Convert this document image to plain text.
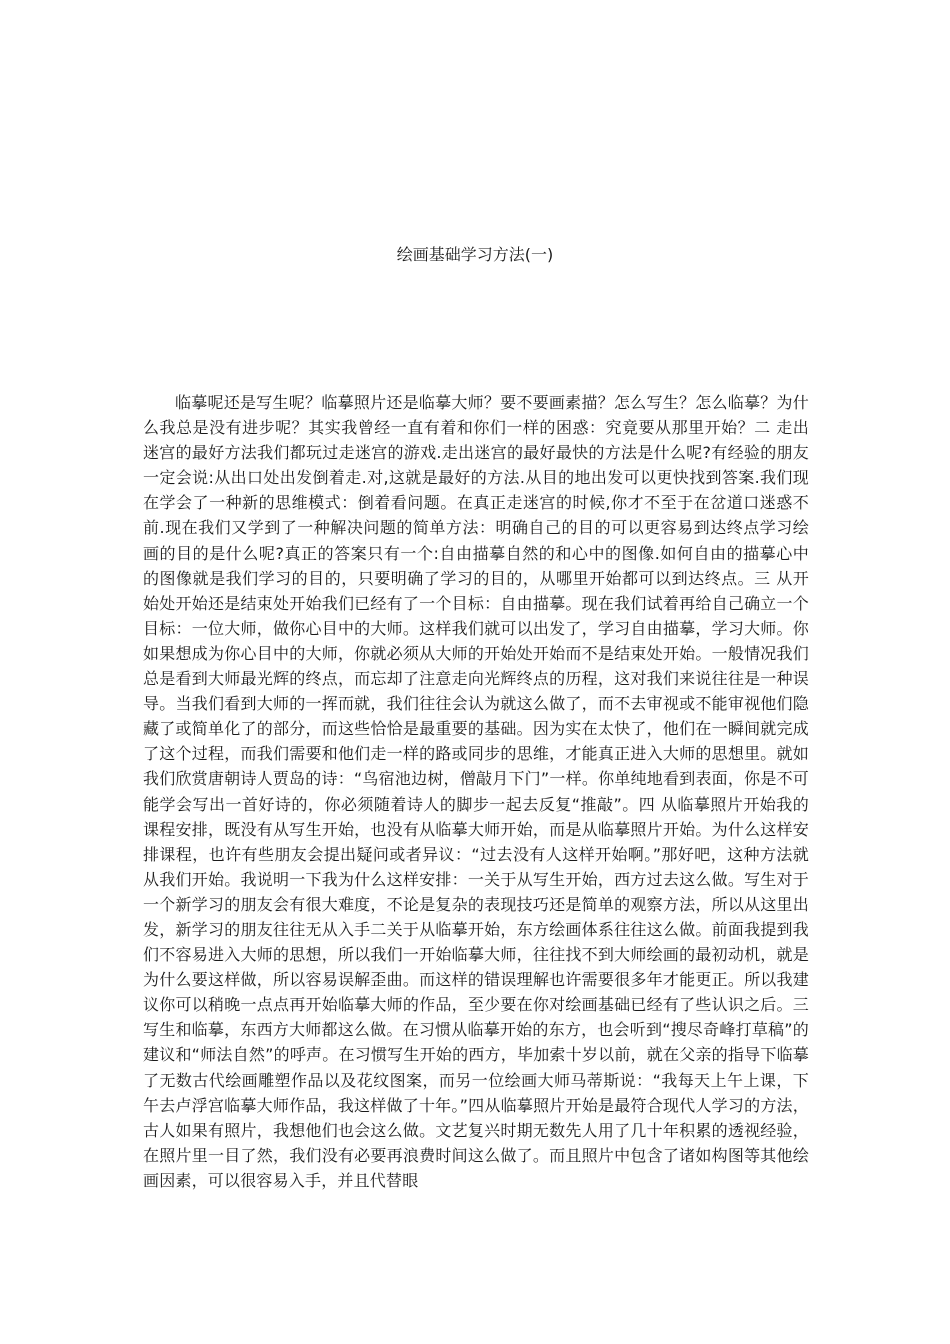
绘画基础学习方法(一)

临摹呢还是写生呢？临摹照片还是临摹大师？要不要画素描？怎么写生？怎么临摹？为什么我总是没有进步呢？其实我曾经一直有着和你们一样的困惑：究竟要从那里开始？二 走出迷宫的最好方法我们都玩过走迷宫的游戏.走出迷宫的最好最快的方法是什么呢?有经验的朋友一定会说:从出口处出发倒着走.对,这就是最好的方法.从目的地出发可以更快找到答案.我们现在学会了一种新的思维模式：倒着看问题。在真正走迷宫的时候,你才不至于在岔道口迷惑不前.现在我们又学到了一种解决问题的简单方法：明确自己的目的可以更容易到达终点学习绘画的目的是什么呢?真正的答案只有一个:自由描摹自然的和心中的图像.如何自由的描摹心中的图像就是我们学习的目的，只要明确了学习的目的，从哪里开始都可以到达终点。三 从开始处开始还是结束处开始我们已经有了一个目标：自由描摹。现在我们试着再给自己确立一个目标：一位大师，做你心目中的大师。这样我们就可以出发了，学习自由描摹，学习大师。你如果想成为你心目中的大师，你就必须从大师的开始处开始而不是结束处开始。一般情况我们总是看到大师最光辉的终点，而忘却了注意走向光辉终点的历程，这对我们来说往往是一种误导。当我们看到大师的一挥而就，我们往往会认为就这么做了，而不去审视或不能审视他们隐藏了或简单化了的部分，而这些恰恰是最重要的基础。因为实在太快了，他们在一瞬间就完成了这个过程，而我们需要和他们走一样的路或同步的思维，才能真正进入大师的思想里。就如我们欣赏唐朝诗人贾岛的诗：“鸟宿池边树，僧敲月下门”一样。你单纯地看到表面，你是不可能学会写出一首好诗的，你必须随着诗人的脚步一起去反复“推敲”。四 从临摹照片开始我的课程安排，既没有从写生开始，也没有从临摹大师开始，而是从临摹照片开始。为什么这样安排课程，也许有些朋友会提出疑问或者异议：“过去没有人这样开始啊。”那好吧，这种方法就从我们开始。我说明一下我为什么这样安排：一关于从写生开始，西方过去这么做。写生对于一个新学习的朋友会有很大难度，不论是复杂的表现技巧还是简单的观察方法，所以从这里出发，新学习的朋友往往无从入手二关于从临摹开始，东方绘画体系往往这么做。前面我提到我们不容易进入大师的思想，所以我们一开始临摹大师，往往找不到大师绘画的最初动机，就是为什么要这样做，所以容易误解歪曲。而这样的错误理解也许需要很多年才能更正。所以我建议你可以稍晚一点点再开始临摹大师的作品，至少要在你对绘画基础已经有了些认识之后。三写生和临摹，东西方大师都这么做。在习惯从临摹开始的东方，也会听到“搜尽奇峰打草稿”的建议和“师法自然”的呼声。在习惯写生开始的西方，毕加索十岁以前，就在父亲的指导下临摹了无数古代绘画雕塑作品以及花纹图案，而另一位绘画大师马蒂斯说：“我每天上午上课，下午去卢浮宫临摹大师作品，我这样做了十年。”四从临摹照片开始是最符合现代人学习的方法，古人如果有照片，我想他们也会这么做。文艺复兴时期无数先人用了几十年积累的透视经验，在照片里一目了然，我们没有必要再浪费时间这么做了。而且照片中包含了诸如构图等其他绘画因素，可以很容易入手，并且代替眼
